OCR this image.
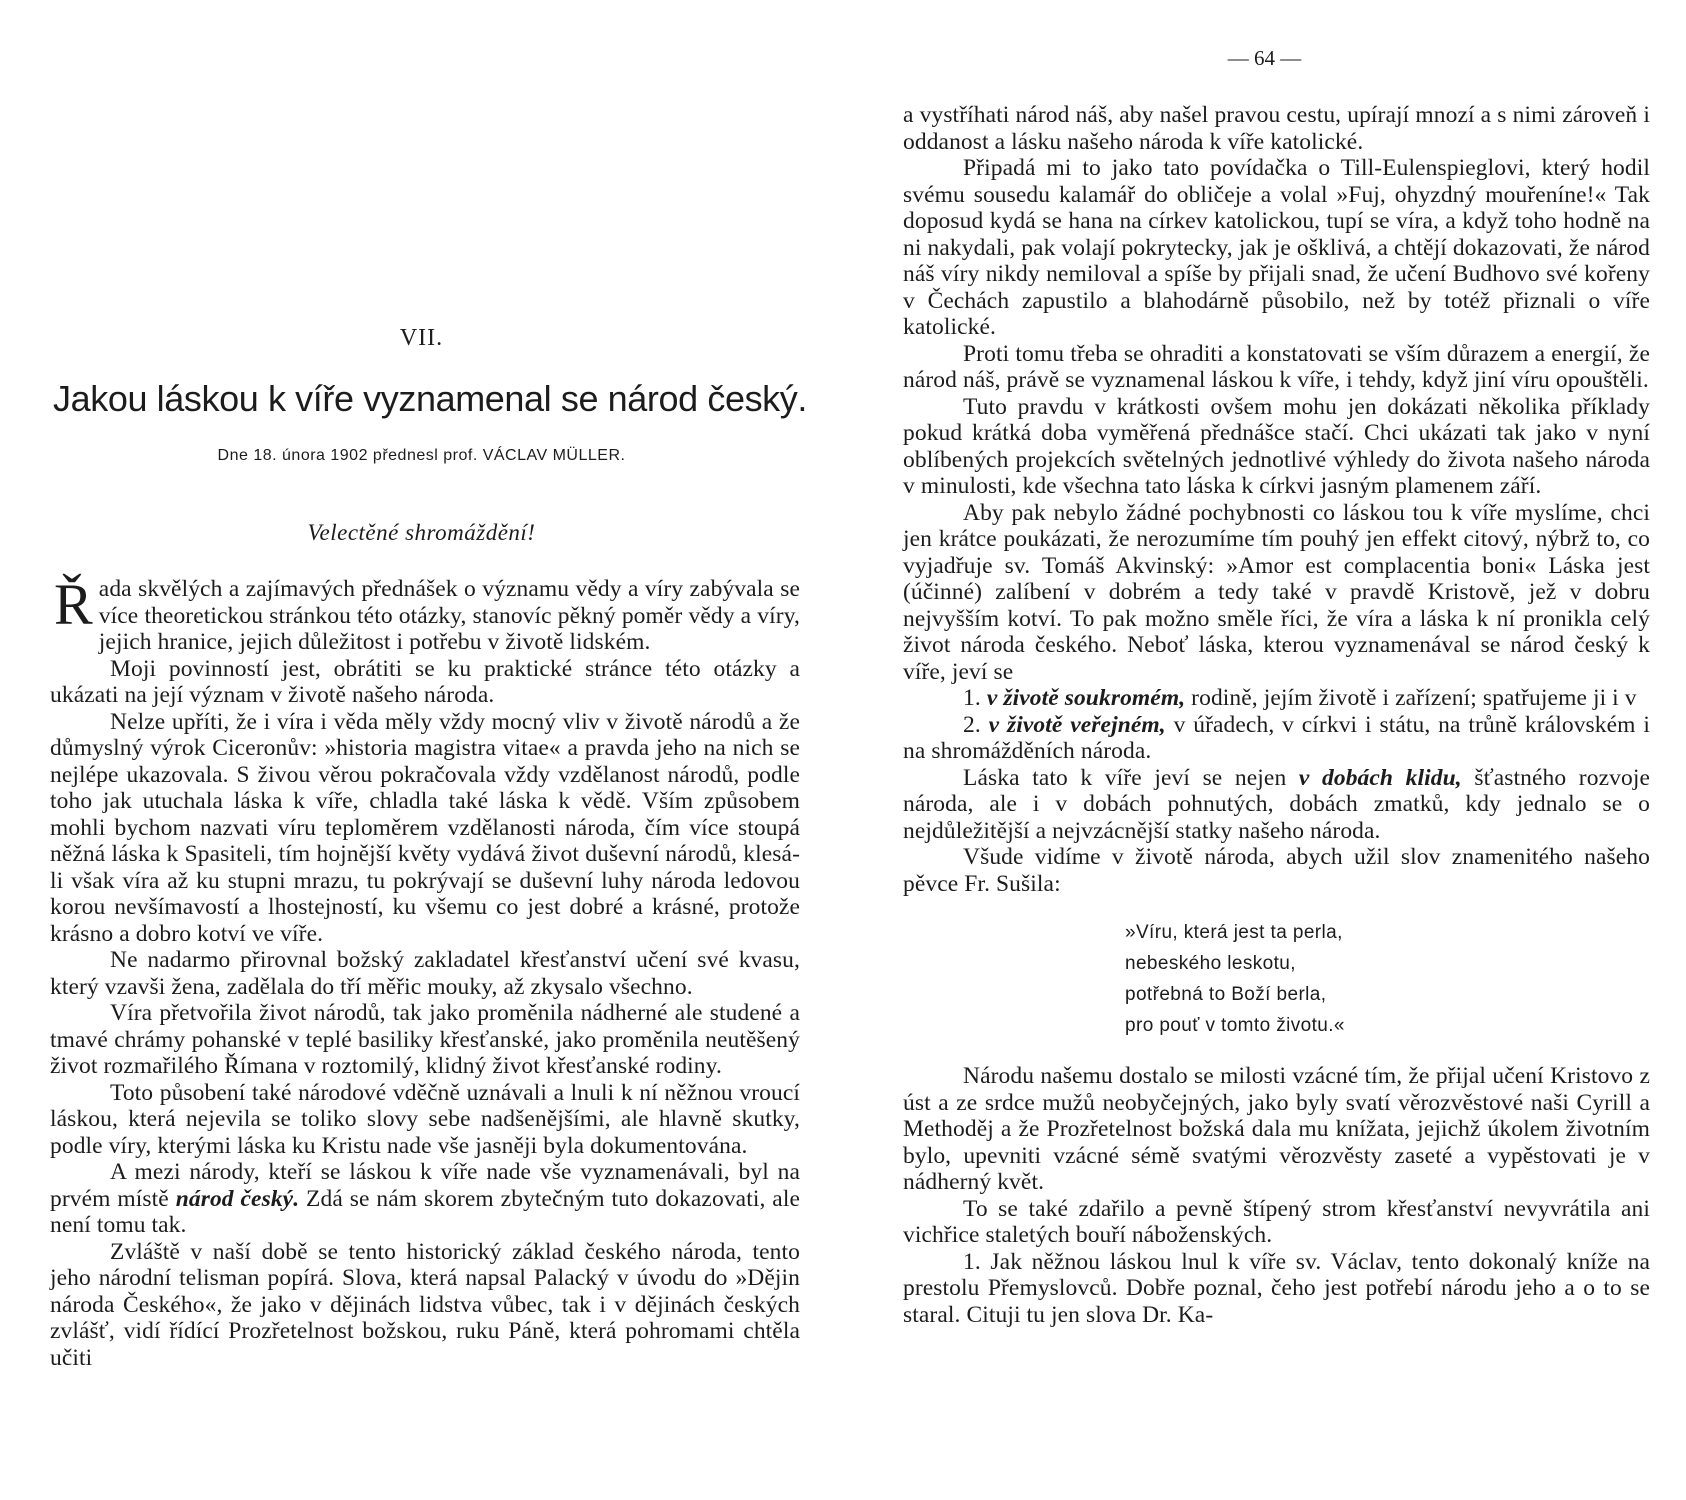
VII.
Jakou láskou k víře vyznamenal se národ český.
Dne 18. února 1902 přednesl prof. VÁCLAV MÜLLER.
Velectěné shromáždění!

Řada skvělých a zajímavých přednášek o významu vědy a víry zabývala se více theoretickou stránkou této otázky, stanovíc pěkný poměr vědy a víry, jejich hranice, jejich důležitost i potřebu v životě lidském.

Moji povinností jest, obrátiti se ku praktické stránce této otázky a ukázati na její význam v životě našeho národa.

Nelze upříti, že i víra i věda měly vždy mocný vliv v životě národů a že důmyslný výrok Ciceronův: »historia magistra vitae« a pravda jeho na nich se nejlépe ukazovala. S živou věrou pokračovala vždy vzdělanost národů, podle toho jak utuchala láska k víře, chladla také láska k vědě. Vším způsobem mohli bychom nazvati víru teploměrem vzdělanosti národa, čím více stoupá něžná láska k Spasiteli, tím hojnější květy vydává život duševní národů, klesá-li však víra až ku stupni mrazu, tu pokrývají se duševní luhy národa ledovou korou nevšímavostí a lhostejností, ku všemu co jest dobré a krásné, protože krásno a dobro kotví ve víře.

Ne nadarmo přirovnal božský zakladatel křesťanství učení své kvasu, který vzavši žena, zadělala do tří měřic mouky, až zkysalo všechno.

Víra přetvořila život národů, tak jako proměnila nádherné ale studené a tmavé chrámy pohanské v teplé basiliky křesťanské, jako proměnila neutěšený život rozmařilého Římana v roztomilý, klidný život křesťanské rodiny.

Toto působení také národové vděčně uznávali a lnuli k ní něžnou vroucí láskou, která nejevila se toliko slovy sebe nadšenějšími, ale hlavně skutky, podle víry, kterými láska ku Kristu nade vše jasněji byla dokumentována.

A mezi národy, kteří se láskou k víře nade vše vyznamenávali, byl na prvém místě národ český. Zdá se nám skorem zbytečným tuto dokazovati, ale není tomu tak.

Zvláště v naší době se tento historický základ českého národa, tento jeho národní telisman popírá. Slova, která napsal Palacký v úvodu do »Dějin národa Českého«, že jako v dějinách lidstva vůbec, tak i v dějinách českých zvlášť, vidí řídící Prozřetelnost božskou, ruku Páně, která pohromami chtěla učiti

— 64 —

a vystříhati národ náš, aby našel pravou cestu, upírají mnozí a s nimi zároveň i oddanost a lásku našeho národa k víře katolické.

Připadá mi to jako tato povídačka o Till-Eulenspieglovi, který hodil svému sousedu kalamář do obličeje a volal »Fuj, ohyzdný mouřeníne!« Tak doposud kydá se hana na církev katolickou, tupí se víra, a když toho hodně na ni nakydali, pak volají pokrytecky, jak je ošklivá, a chtějí dokazovati, že národ náš víry nikdy nemiloval a spíše by přijali snad, že učení Budhovo své kořeny v Čechách zapustilo a blahodárně působilo, než by totéž přiznali o víře katolické.

Proti tomu třeba se ohraditi a konstatovati se vším důrazem a energií, že národ náš, právě se vyznamenal láskou k víře, i tehdy, když jiní víru opouštěli.

Tuto pravdu v krátkosti ovšem mohu jen dokázati několika příklady pokud krátká doba vyměřená přednášce stačí. Chci ukázati tak jako v nyní oblíbených projekcích světelných jednotlivé výhledy do života našeho národa v minulosti, kde všechna tato láska k církvi jasným plamenem září.

Aby pak nebylo žádné pochybnosti co láskou tou k víře myslíme, chci jen krátce poukázati, že nerozumíme tím pouhý jen effekt citový, nýbrž to, co vyjadřuje sv. Tomáš Akvinský: »Amor est complacentia boni« Láska jest (účinné) zalíbení v dobrém a tedy také v pravdě Kristově, jež v dobru nejvyšším kotví. To pak možno směle říci, že víra a láska k ní pronikla celý život národa českého. Neboť láska, kterou vyznamenával se národ český k víře, jeví se

1. v životě soukromém, rodině, jejím životě i zařízení; spatřujeme ji i v

2. v životě veřejném, v úřadech, v církvi i státu, na trůně královském i na shromážděních národa.

Láska tato k víře jeví se nejen v dobách klidu, šťastného rozvoje národa, ale i v dobách pohnutých, dobách zmatků, kdy jednalo se o nejdůležitější a nejvzácnější statky našeho národa.

Všude vidíme v životě národa, abych užil slov znamenitého našeho pěvce Fr. Sušila:

»Víru, která jest ta perla,
nebeského leskotu,
potřebná to Boží berla,
pro pouť v tomto životu.«

Národu našemu dostalo se milosti vzácné tím, že přijal učení Kristovo z úst a ze srdce mužů neobyčejných, jako byly svatí věrozvěstové naši Cyrill a Methoděj a že Prozřetelnost božská dala mu knížata, jejichž úkolem životním bylo, upevniti vzácné sémě svatými věrozvěsty zaseté a vypěstovati je v nádherný květ.

To se také zdařilo a pevně štípený strom křesťanství nevyvrátila ani vichřice staletých bouří náboženských.

1. Jak něžnou láskou lnul k víře sv. Václav, tento dokonalý kníže na prestolu Přemyslovců. Dobře poznal, čeho jest potřebí národu jeho a o to se staral. Cituji tu jen slova Dr. Ka-
